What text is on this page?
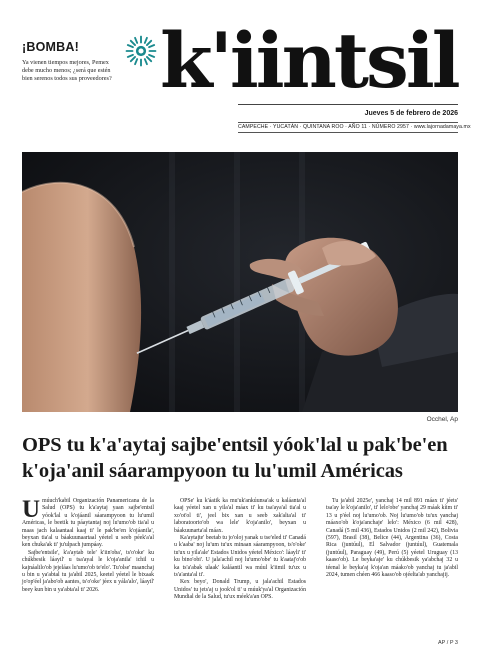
¡BOMBA!
Ya vienen tiempos mejores, Pemex debe mucho menos; ¿será que estén bien serenos todos sus proveedores? k'iintsil
Jueves 5 de febrero de 2026
CAMPECHE · YUCATÁN · QUINTANA ROO · AÑO 11 · NÚMERO 2957 · www.lajornadamaya.mx
Occhel, Ap
OPS tu k'a'aytaj sajbe'entsil yóok'lal u pak'be'en k'oja'anil sáarampyoon tu lu'umil Américas

U múuch'kabil Organización Panamericana de la Salud (OPS) tu k'a'aytaj yaan sajbe'entsil yóok'lal u k'ojáanil sáarampyoon tu lu'umil Américas, le beetik tu páaytantaj noj lu'umo'ob tia'al u maas jach kalaantaal kaaj ti' le pak'be'en k'ojáanila', beyxan tia'al u báakuunaartaal yéetel u seeb péek'a'al ken chuka'ak ti' ju'ulpach jumpáay.

Sajbe'entsile', k'a'aytab tele' k'iin'oba', ts'o'oke' ku chúkbesik láayil' u tsa'ayal le k'oja'anila' ichil u kajnáalilo'ob jejeláas lu'umo'ob te'elo'. Tu'olse' maanchaj u bin u ya'abtal tu ja'abil 2025, keetel yéetel le bixaak jo'op'éel ja'abo'ob aantes, ts'o'oke' jéex u yála'alo', láayil' beey kun bin u ya'abta'al ti' 2026.

OPSe' ku k'áatik ka mu'uk'ankúunsa'ak u kaláanta'al kaaj yéetel xan u yila'al máax ti' ku tsa'aya'al tia'al u xo'ot'ol ti', jeel bix xan u seeb xak'alta'al ti' laboratoorio'ob wa lele' k'oja'anilo', beyxan u báakuunarta'al máax.

Ka'aytajte' beetab tu jo'oloj yanak u tse'eled ti' Canadá u k'aaba' noj lu'um tu'ux minaan sáarampyoon, ts'o'oke' tu'ux u yila'ale' Estados Unidos yéetel México': láayli' ti' ku bino'obi'. U jala'achil noj lu'umo'obe' tu k'aataj'o'ob ka ts'a'abak ulaak' kaláantil wa múul k'iimil tu'ux u ts'a'anta'al ti'.

Kex beyo', Donald Trump, u jala'achil Estados Unidos' tu jets'aj u jook'ol ti' u múuk'ya'al Organización Mundial de la Salud, tu'ux méek'a'an OPS.

Tu ja'abil 2025e', yanchaj 14 mil 891 máax ti' jéets' tsa'ay le k'oja'anilo', ti' lelo'obe' yanchaj 29 máak kíim ti' 13 u p'éel noj lu'umo'ob. Noj lu'umo'ob tu'ux yanchaj máaxo'ob k'oja'anchaje' lelo': México (6 mil 428), Canadá (5 mil 436), Estados Unidos (2 mil 242), Bolivia (597), Brasil (38), Belice (44), Argentina (36), Costa Rica (juntúul), El Salvador (juntúul), Guatemala (juntúul), Paraguay (49), Perú (5) yéetel Uruguay (13 kaaso'ob). Le beyka'aje' ku chúkbesik ya'abchaj 32 u téenal le beyka'aj k'oja'an máako'ob yanchaj tu ja'abil 2024, tumen chéen 466 kaaso'ob ojéelta'ab yanchajij.

AP / P 3
